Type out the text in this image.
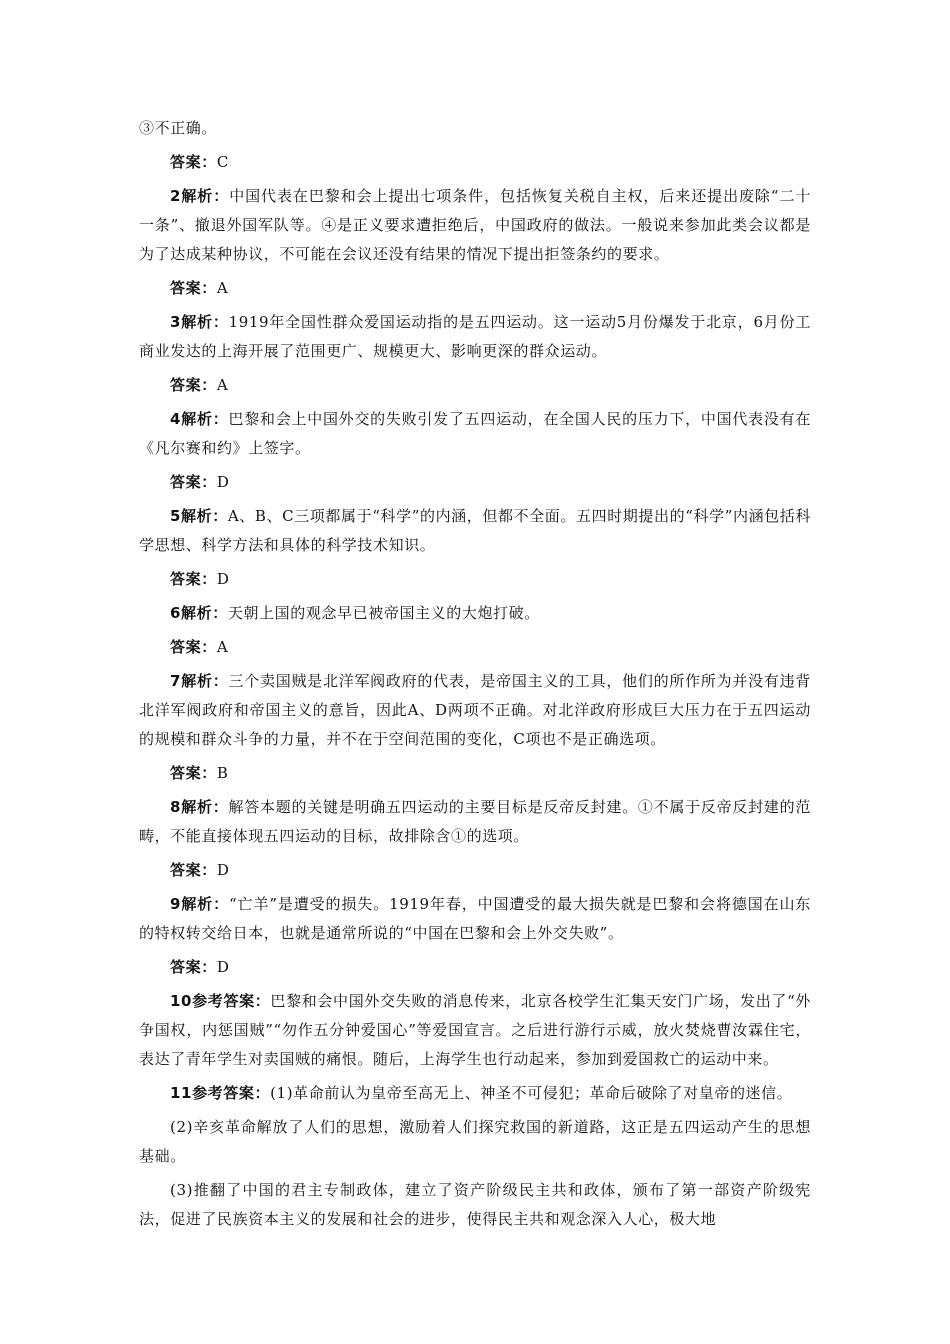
③不正确。

答案：C

2解析：中国代表在巴黎和会上提出七项条件，包括恢复关税自主权，后来还提出废除“二十一条”、撤退外国军队等。④是正义要求遭拒绝后，中国政府的做法。一般说来参加此类会议都是为了达成某种协议，不可能在会议还没有结果的情况下提出拒签条约的要求。

答案：A

3解析：1919年全国性群众爱国运动指的是五四运动。这一运动5月份爆发于北京，6月份工商业发达的上海开展了范围更广、规模更大、影响更深的群众运动。

答案：A

4解析：巴黎和会上中国外交的失败引发了五四运动，在全国人民的压力下，中国代表没有在《凡尔赛和约》上签字。

答案：D

5解析：A、B、C三项都属于“科学”的内涵，但都不全面。五四时期提出的“科学”内涵包括科学思想、科学方法和具体的科学技术知识。

答案：D

6解析：天朝上国的观念早已被帝国主义的大炮打破。

答案：A

7解析：三个卖国贼是北洋军阀政府的代表，是帝国主义的工具，他们的所作所为并没有违背北洋军阀政府和帝国主义的意旨，因此A、D两项不正确。对北洋政府形成巨大压力在于五四运动的规模和群众斗争的力量，并不在于空间范围的变化，C项也不是正确选项。

答案：B

8解析：解答本题的关键是明确五四运动的主要目标是反帝反封建。①不属于反帝反封建的范畴，不能直接体现五四运动的目标，故排除含①的选项。

答案：D

9解析：“亡羊”是遭受的损失。1919年春，中国遭受的最大损失就是巴黎和会将德国在山东的特权转交给日本，也就是通常所说的“中国在巴黎和会上外交失败”。

答案：D

10参考答案：巴黎和会中国外交失败的消息传来，北京各校学生汇集天安门广场，发出了“外争国权，内惩国贼”“勿作五分钟爱国心”等爱国宣言。之后进行游行示威，放火焚烧曹汝霖住宅，表达了青年学生对卖国贼的痛恨。随后，上海学生也行动起来，参加到爱国救亡的运动中来。

11参考答案：(1)革命前认为皇帝至高无上、神圣不可侵犯；革命后破除了对皇帝的迷信。

(2)辛亥革命解放了人们的思想，激励着人们探究救国的新道路，这正是五四运动产生的思想基础。

(3)推翻了中国的君主专制政体，建立了资产阶级民主共和政体，颁布了第一部资产阶级宪法，促进了民族资本主义的发展和社会的进步，使得民主共和观念深入人心，极大地
